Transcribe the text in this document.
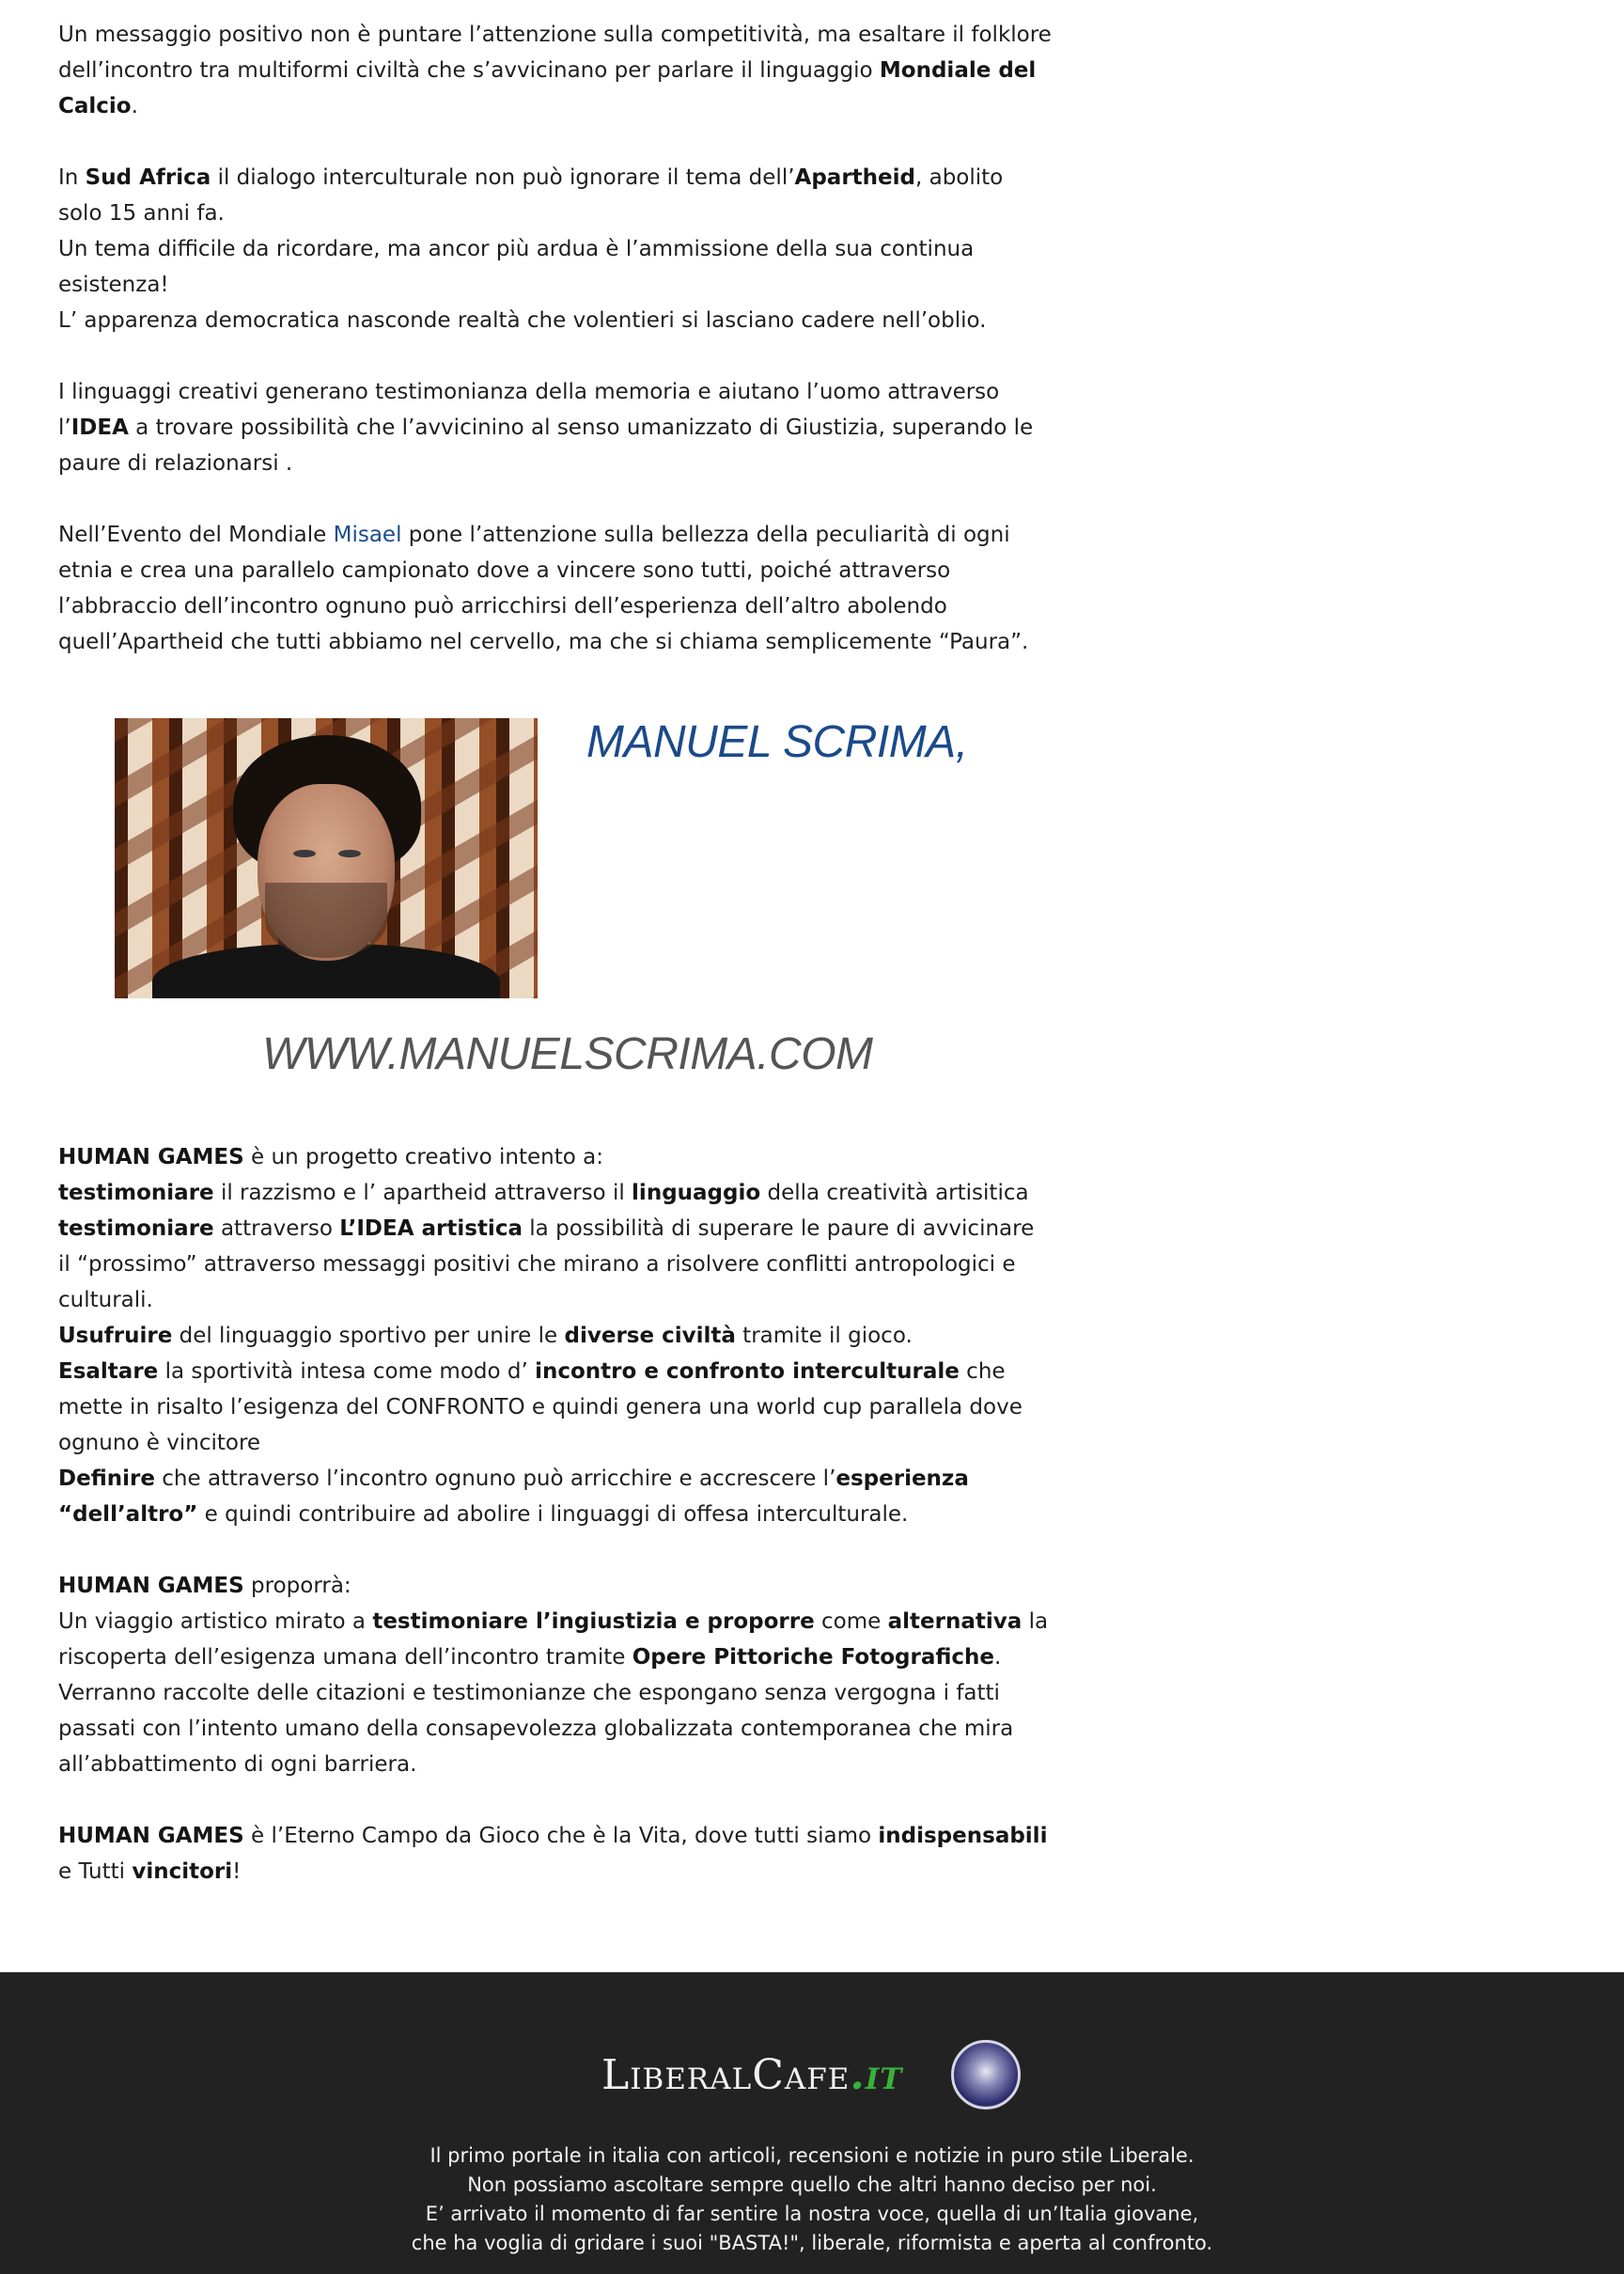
Un messaggio positivo non è puntare l’attenzione sulla competitività, ma esaltare il folklore dell’incontro tra multiformi civiltà che s’avvicinano per parlare il linguaggio Mondiale del Calcio.

In Sud Africa il dialogo interculturale non può ignorare il tema dell’Apartheid, abolito solo 15 anni fa.
Un tema difficile da ricordare, ma ancor più ardua è l’ammissione della sua continua esistenza!
L’ apparenza democratica nasconde realtà che volentieri si lasciano cadere nell’oblio.

I linguaggi creativi generano testimonianza della memoria e aiutano l’uomo attraverso l’IDEA a trovare possibilità che l’avvicinino al senso umanizzato di Giustizia, superando le paure di relazionarsi .

Nell’Evento del Mondiale Misael pone l’attenzione sulla bellezza della peculiarità di ogni etnia e crea una parallelo campionato dove a vincere sono tutti, poiché attraverso l’abbraccio dell’incontro ognuno può arricchirsi dell’esperienza dell’altro abolendo quell’Apartheid che tutti abbiamo nel cervello, ma che si chiama semplicemente “Paura”.

MANUEL SCRIMA,
WWW.MANUELSCRIMA.COM

HUMAN GAMES è un progetto creativo intento a:
testimoniare il razzismo e l’ apartheid attraverso il linguaggio della creatività artisitica
testimoniare attraverso L’IDEA artistica la possibilità di superare le paure di avvicinare il “prossimo” attraverso messaggi positivi che mirano a risolvere conflitti antropologici e culturali.
Usufruire del linguaggio sportivo per unire le diverse civiltà tramite il gioco.
Esaltare la sportività intesa come modo d’ incontro e confronto interculturale che mette in risalto l’esigenza del CONFRONTO e quindi genera una world cup parallela dove ognuno è vincitore
Definire che attraverso l’incontro ognuno può arricchire e accrescere l’esperienza “dell’altro” e quindi contribuire ad abolire i linguaggi di offesa interculturale.

HUMAN GAMES proporrà:
Un viaggio artistico mirato a testimoniare l’ingiustizia e proporre come alternativa la riscoperta dell’esigenza umana dell’incontro tramite Opere Pittoriche Fotografiche.
Verranno raccolte delle citazioni e testimonianze che espongano senza vergogna i fatti passati con l’intento umano della consapevolezza globalizzata contemporanea che mira all’abbattimento di ogni barriera.

HUMAN GAMES è l’Eterno Campo da Gioco che è la Vita, dove tutti siamo indispensabili e Tutti vincitori!

LiberalCafe.it
Il primo portale in italia con articoli, recensioni e notizie in puro stile Liberale.
Non possiamo ascoltare sempre quello che altri hanno deciso per noi.
E’ arrivato il momento di far sentire la nostra voce, quella di un’Italia giovane,
che ha voglia di gridare i suoi "BASTA!", liberale, riformista e aperta al confronto.
